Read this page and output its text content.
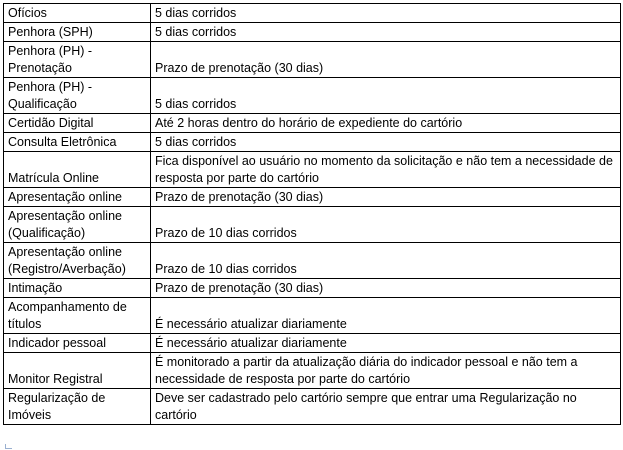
Ofícios	5 dias corridos
Penhora (SPH)	5 dias corridos
Penhora (PH) - Prenotação	Prazo de prenotação (30 dias)
Penhora (PH) - Qualificação	5 dias corridos
Certidão Digital	Até 2 horas dentro do horário de expediente do cartório
Consulta Eletrônica	5 dias corridos
Matrícula Online	Fica disponível ao usuário no momento da solicitação e não tem a necessidade de resposta por parte do cartório
Apresentação online	Prazo de prenotação (30 dias)
Apresentação online (Qualificação)	Prazo de 10 dias corridos
Apresentação online (Registro/Averbação)	Prazo de 10 dias corridos
Intimação	Prazo de prenotação (30 dias)
Acompanhamento de títulos	É necessário atualizar diariamente
Indicador pessoal	É necessário atualizar diariamente
Monitor Registral	É monitorado a partir da atualização diária do indicador pessoal e não tem a necessidade de resposta por parte do cartório
Regularização de Imóveis	Deve ser cadastrado pelo cartório sempre que entrar uma Regularização no cartório
